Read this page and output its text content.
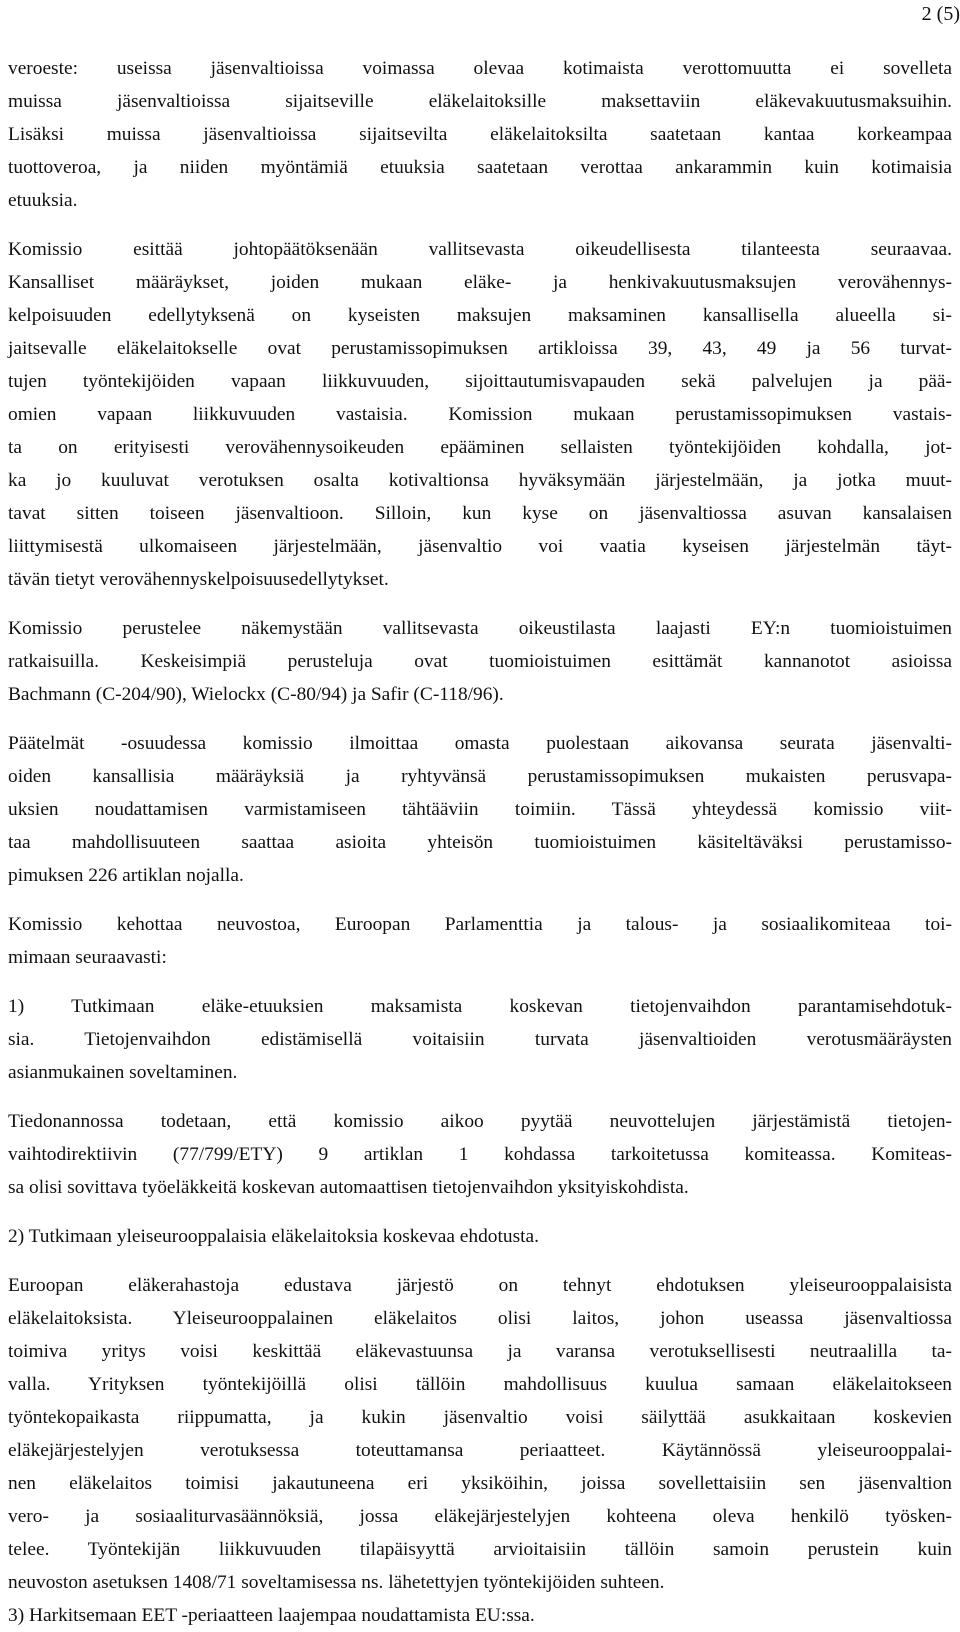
2 (5)
veroeste: useissa jäsenvaltioissa voimassa olevaa kotimaista verottomuutta ei sovelleta
muissa jäsenvaltioissa sijaitseville eläkelaitoksille maksettaviin eläkevakuutusmaksuihin.
Lisäksi muissa jäsenvaltioissa sijaitsevilta eläkelaitoksilta saatetaan kantaa korkeampaa
tuottoveroa, ja niiden myöntämiä etuuksia saatetaan verottaa ankarammin kuin kotimaisia
etuuksia.
Komissio esittää johtopäätöksenään vallitsevasta oikeudellisesta tilanteesta seuraavaa.
Kansalliset määräykset, joiden mukaan eläke- ja henkivakuutusmaksujen verovähennys-
kelpoisuuden edellytyksenä on kyseisten maksujen maksaminen kansallisella alueella si-
jaitsevalle eläkelaitokselle ovat perustamissopimuksen artikloissa 39, 43, 49 ja 56 turvat-
tujen työntekijöiden vapaan liikkuvuuden, sijoittautumisvapauden sekä palvelujen ja pää-
omien vapaan liikkuvuuden vastaisia. Komission mukaan perustamissopimuksen vastais-
ta on erityisesti verovähennysoikeuden epääminen sellaisten työntekijöiden kohdalla, jot-
ka jo kuuluvat verotuksen osalta kotivaltionsa hyväksymään järjestelmään, ja jotka muut-
tavat sitten toiseen jäsenvaltioon. Silloin, kun kyse on jäsenvaltiossa asuvan kansalaisen
liittymisestä ulkomaiseen järjestelmään, jäsenvaltio voi vaatia kyseisen järjestelmän täyt-
tävän tietyt verovähennyskelpoisuusedellytykset.
Komissio perustelee näkemystään vallitsevasta oikeustilasta laajasti EY:n tuomioistuimen
ratkaisuilla. Keskeisimpiä perusteluja ovat tuomioistuimen esittämät kannanotot asioissa
Bachmann (C-204/90), Wielockx (C-80/94) ja Safir (C-118/96).
Päätelmät -osuudessa komissio ilmoittaa omasta puolestaan aikovansa seurata jäsenvalti-
oiden kansallisia määräyksiä ja ryhtyvänsä perustamissopimuksen mukaisten perusvapa-
uksien noudattamisen varmistamiseen tähtääviin toimiin. Tässä yhteydessä komissio viit-
taa mahdollisuuteen saattaa asioita yhteisön tuomioistuimen käsiteltäväksi perustamisso-
pimuksen 226 artiklan nojalla.
Komissio kehottaa neuvostoa, Euroopan Parlamenttia ja talous- ja sosiaalikomiteaa toi-
mimaan seuraavasti:
1) Tutkimaan eläke-etuuksien maksamista koskevan tietojenvaihdon parantamisehdotuk-
sia. Tietojenvaihdon edistämisellä voitaisiin turvata jäsenvaltioiden verotusmääräysten
asianmukainen soveltaminen.
Tiedonannossa todetaan, että komissio aikoo pyytää neuvottelujen järjestämistä tietojen-
vaihtodirektiivin (77/799/ETY) 9 artiklan 1 kohdassa tarkoitetussa komiteassa. Komiteas-
sa olisi sovittava työeläkkeitä koskevan automaattisen tietojenvaihdon yksityiskohdista.
2) Tutkimaan yleiseurooppalaisia eläkelaitoksia koskevaa ehdotusta.
Euroopan eläkerahastoja edustava järjestö on tehnyt ehdotuksen yleiseurooppalaisista
eläkelaitoksista. Yleiseurooppalainen eläkelaitos olisi laitos, johon useassa jäsenvaltiossa
toimiva yritys voisi keskittää eläkevastuunsa ja varansa verotuksellisesti neutraalilla ta-
valla. Yrityksen työntekijöillä olisi tällöin mahdollisuus kuulua samaan eläkelaitokseen
työntekopaikasta riippumatta, ja kukin jäsenvaltio voisi säilyttää asukkaitaan koskevien
eläkejärjestelyjen verotuksessa toteuttamansa periaatteet. Käytännössä yleiseurooppalai-
nen eläkelaitos toimisi jakautuneena eri yksiköihin, joissa sovellettaisiin sen jäsenvaltion
vero- ja sosiaaliturvasäännöksiä, jossa eläkejärjestelyjen kohteena oleva henkilö työsken-
telee. Työntekijän liikkuvuuden tilapäisyyttä arvioitaisiin tällöin samoin perustein kuin
neuvoston asetuksen 1408/71 soveltamisessa ns. lähetettyjen työntekijöiden suhteen.
3) Harkitsemaan EET -periaatteen laajempaa noudattamista EU:ssa.
